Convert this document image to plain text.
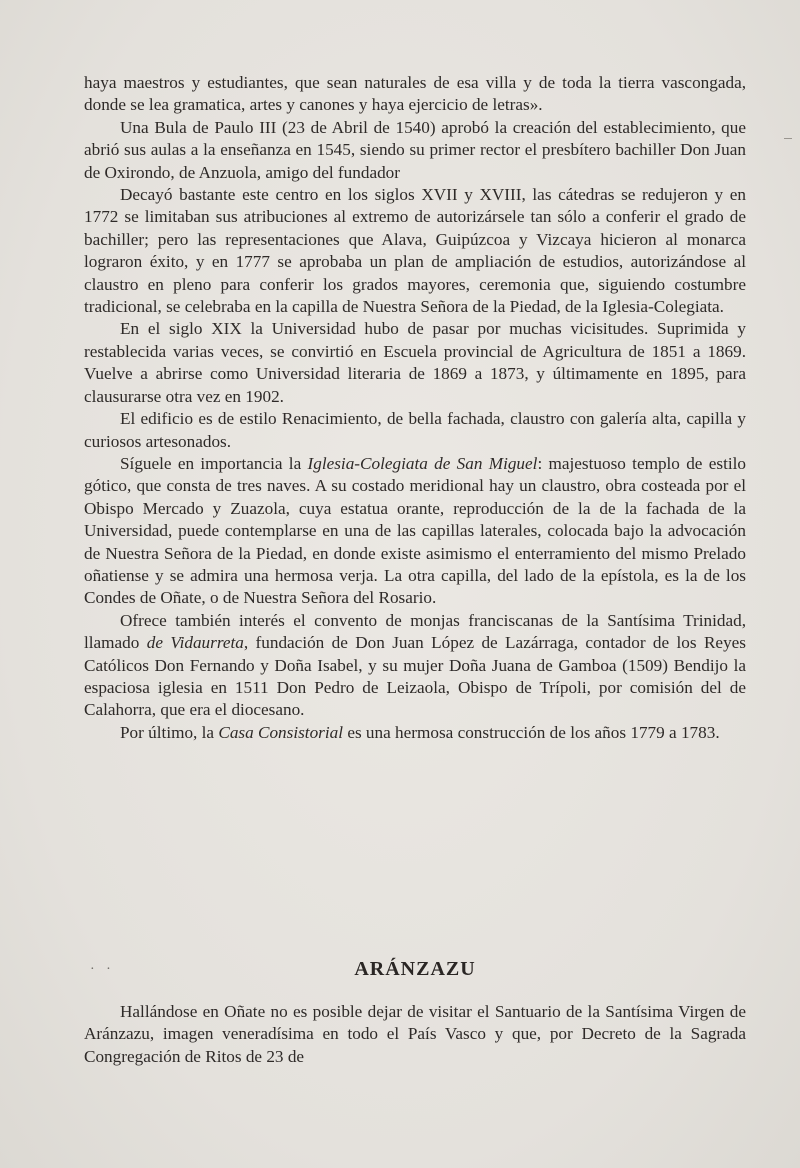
haya maestros y estudiantes, que sean naturales de esa villa y de toda la tierra vascongada, donde se lea gramatica, artes y canones y haya ejercicio de letras».

Una Bula de Paulo III (23 de Abril de 1540) aprobó la creación del establecimiento, que abrió sus aulas a la enseñanza en 1545, siendo su primer rector el presbítero bachiller Don Juan de Oxirondo, de Anzuola, amigo del fundador

Decayó bastante este centro en los siglos XVII y XVIII, las cátedras se redujeron y en 1772 se limitaban sus atribuciones al extremo de autorizársele tan sólo a conferir el grado de bachiller; pero las representaciones que Alava, Guipúzcoa y Vizcaya hicieron al monarca lograron éxito, y en 1777 se aprobaba un plan de ampliación de estudios, autorizándose al claustro en pleno para conferir los grados mayores, ceremonia que, siguiendo costumbre tradicional, se celebraba en la capilla de Nuestra Señora de la Piedad, de la Iglesia-Colegiata.

En el siglo XIX la Universidad hubo de pasar por muchas vicisitudes. Suprimida y restablecida varias veces, se convirtió en Escuela provincial de Agricultura de 1851 a 1869. Vuelve a abrirse como Universidad literaria de 1869 a 1873, y últimamente en 1895, para clausurarse otra vez en 1902.

El edificio es de estilo Renacimiento, de bella fachada, claustro con galería alta, capilla y curiosos artesonados.

Síguele en importancia la Iglesia-Colegiata de San Miguel: majestuoso templo de estilo gótico, que consta de tres naves. A su costado meridional hay un claustro, obra costeada por el Obispo Mercado y Zuazola, cuya estatua orante, reproducción de la de la fachada de la Universidad, puede contemplarse en una de las capillas laterales, colocada bajo la advocación de Nuestra Señora de la Piedad, en donde existe asimismo el enterramiento del mismo Prelado oñatiense y se admira una hermosa verja. La otra capilla, del lado de la epístola, es la de los Condes de Oñate, o de Nuestra Señora del Rosario.

Ofrece también interés el convento de monjas franciscanas de la Santísima Trinidad, llamado de Vidaurreta, fundación de Don Juan López de Lazárraga, contador de los Reyes Católicos Don Fernando y Doña Isabel, y su mujer Doña Juana de Gamboa (1509) Bendijo la espaciosa iglesia en 1511 Don Pedro de Leizaola, Obispo de Trípoli, por comisión del de Calahorra, que era el diocesano.

Por último, la Casa Consistorial es una hermosa construcción de los años 1779 a 1783.

· ·	ARÁNZAZU

Hallándose en Oñate no es posible dejar de visitar el Santuario de la Santísima Virgen de Aránzazu, imagen veneradísima en todo el País Vasco y que, por Decreto de la Sagrada Congregación de Ritos de 23 de
